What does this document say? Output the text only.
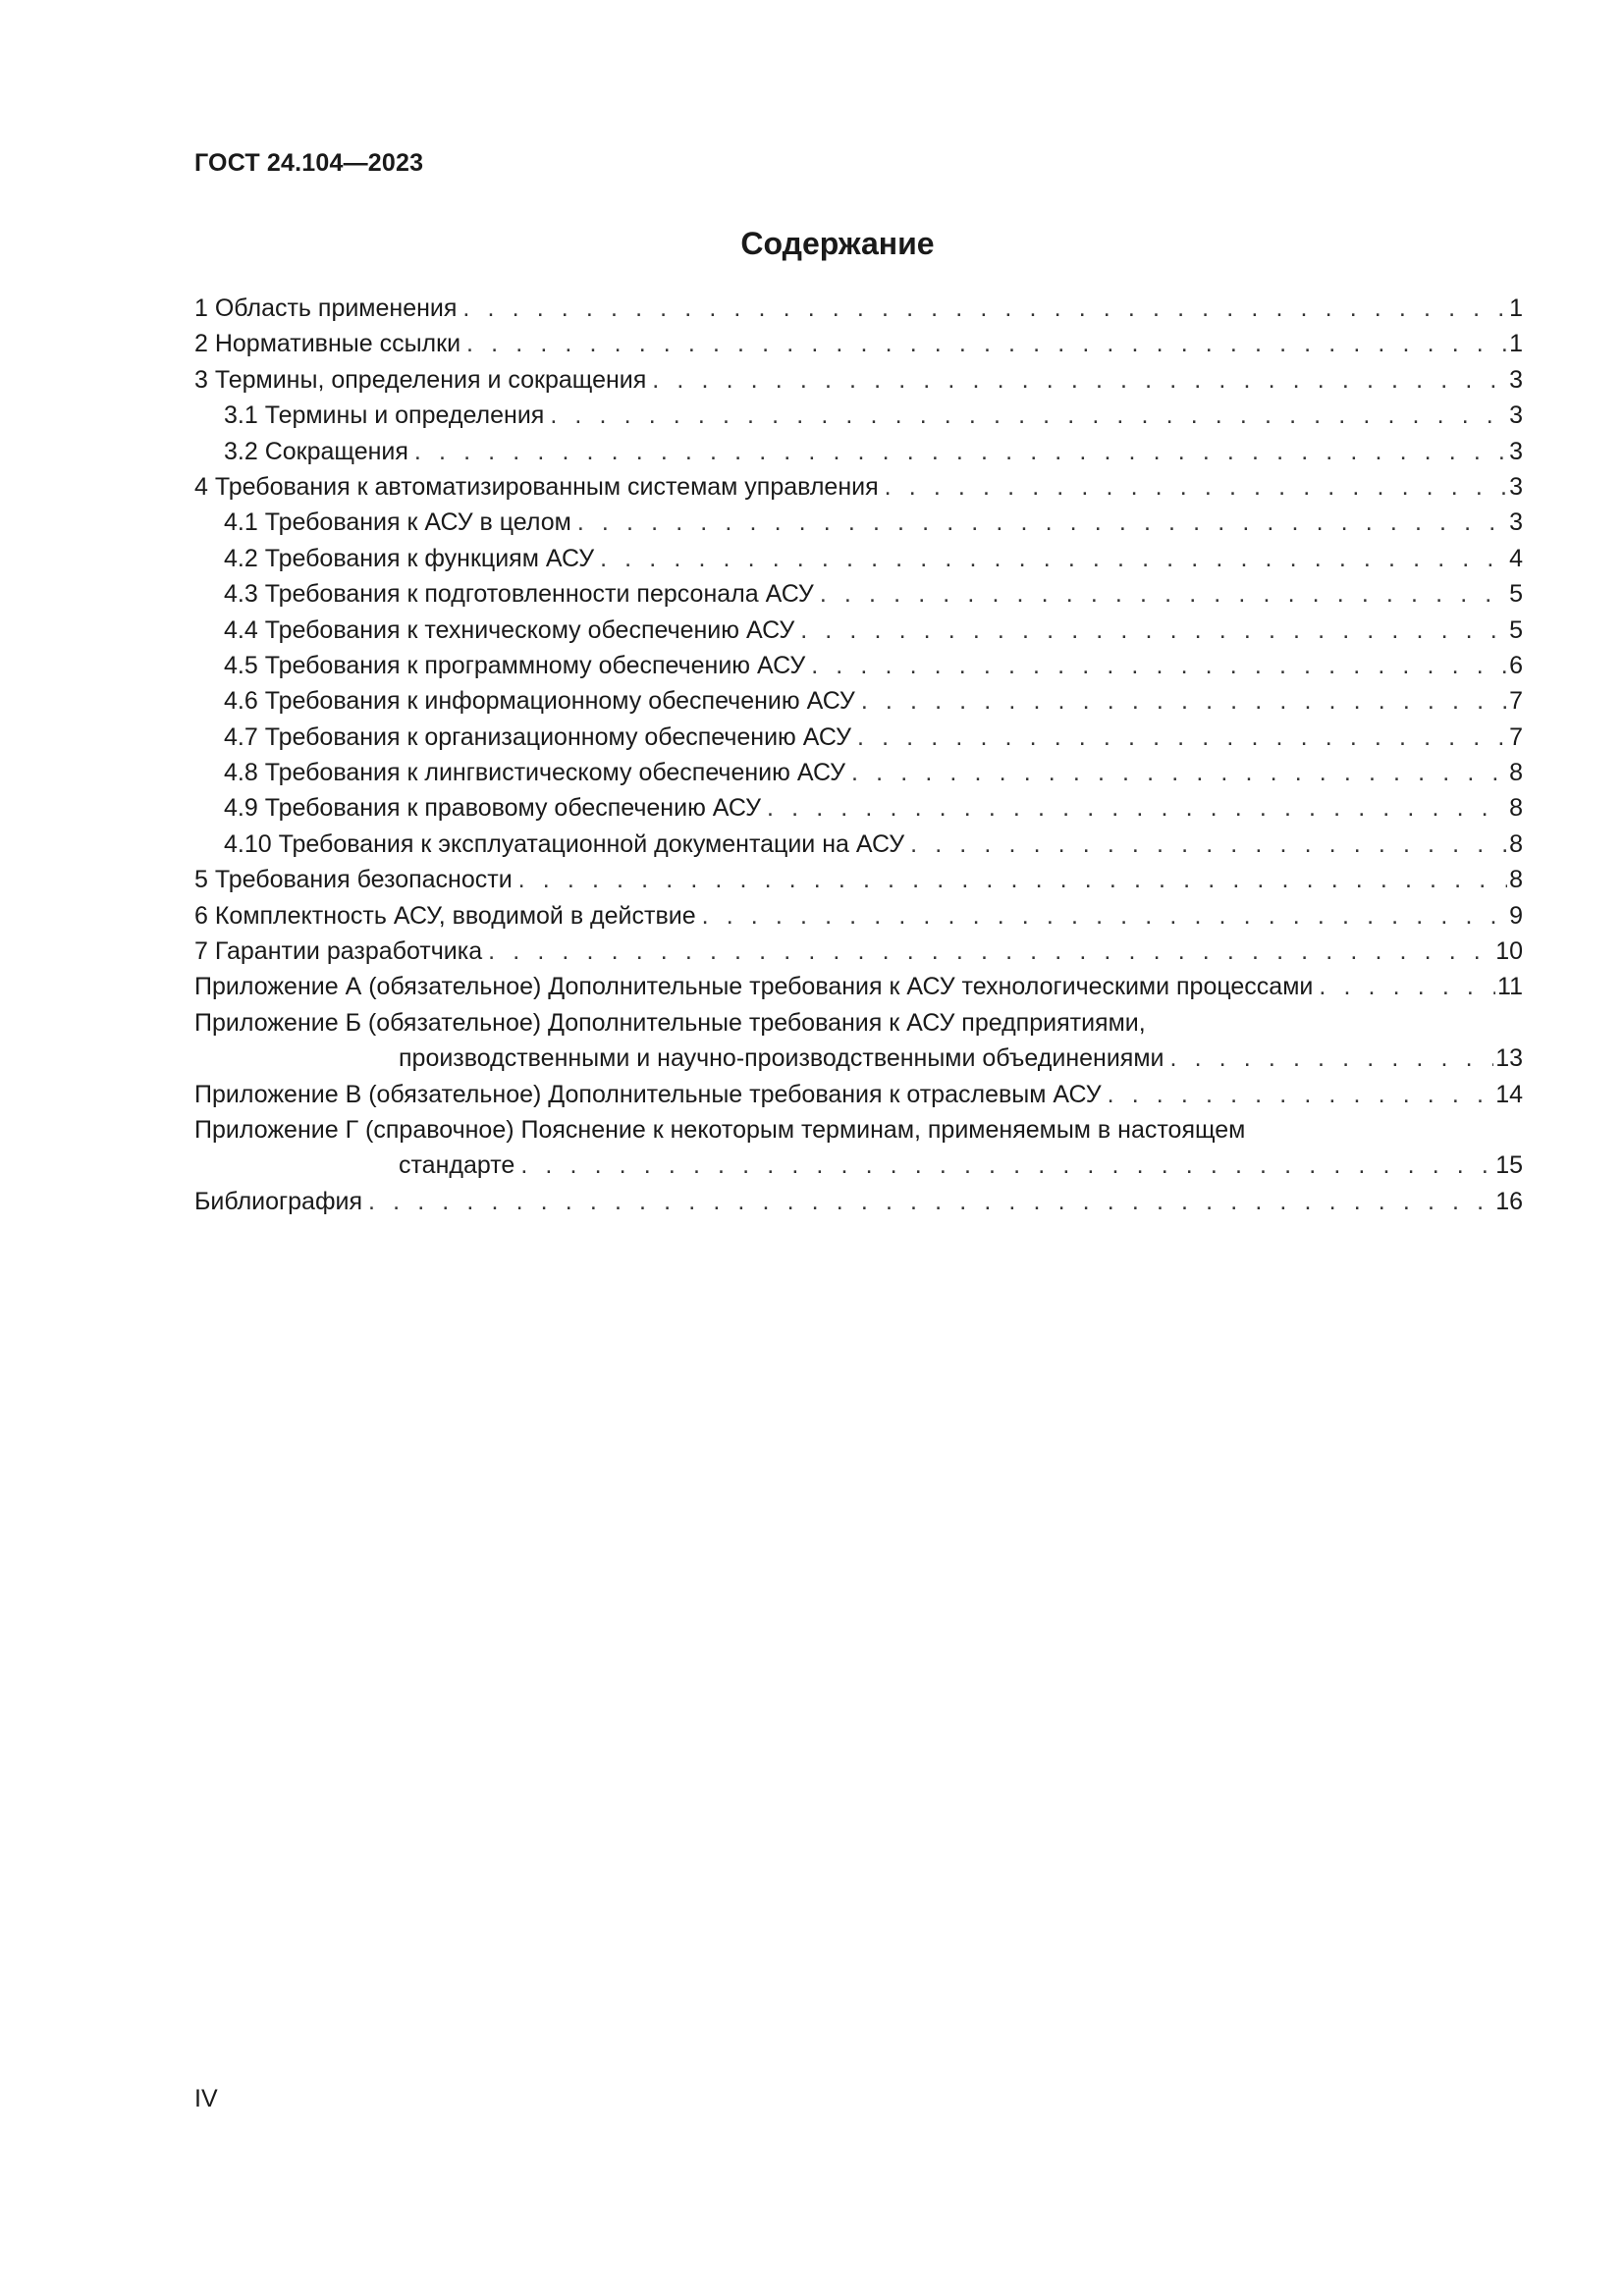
ГОСТ 24.104—2023
Содержание
1 Область применения . . .	1
2 Нормативные ссылки . . .	1
3 Термины, определения и сокращения . . .	3
3.1 Термины и определения . . .	3
3.2 Сокращения . . .	3
4 Требования к автоматизированным системам управления . . .	3
4.1 Требования к АСУ в целом . . .	3
4.2 Требования к функциям АСУ . . .	4
4.3 Требования к подготовленности персонала АСУ . . .	5
4.4 Требования к техническому обеспечению АСУ . . .	5
4.5 Требования к программному обеспечению АСУ . . .	6
4.6 Требования к информационному обеспечению АСУ . . .	7
4.7 Требования к организационному обеспечению АСУ . . .	7
4.8 Требования к лингвистическому обеспечению АСУ . . .	8
4.9 Требования к правовому обеспечению АСУ . . .	8
4.10 Требования к эксплуатационной документации на АСУ . . .	8
5 Требования безопасности . . .	8
6 Комплектность АСУ, вводимой в действие . . .	9
7 Гарантии разработчика . . .	10
Приложение А (обязательное) Дополнительные требования к АСУ технологическими процессами . . .	11
Приложение Б (обязательное) Дополнительные требования к АСУ предприятиями,
производственными и научно-производственными объединениями . . .	13
Приложение В (обязательное) Дополнительные требования к отраслевым АСУ . . .	14
Приложение Г (справочное) Пояснение к некоторым терминам, применяемым в настоящем
стандарте . . .	15
Библиография . . .	16
IV
